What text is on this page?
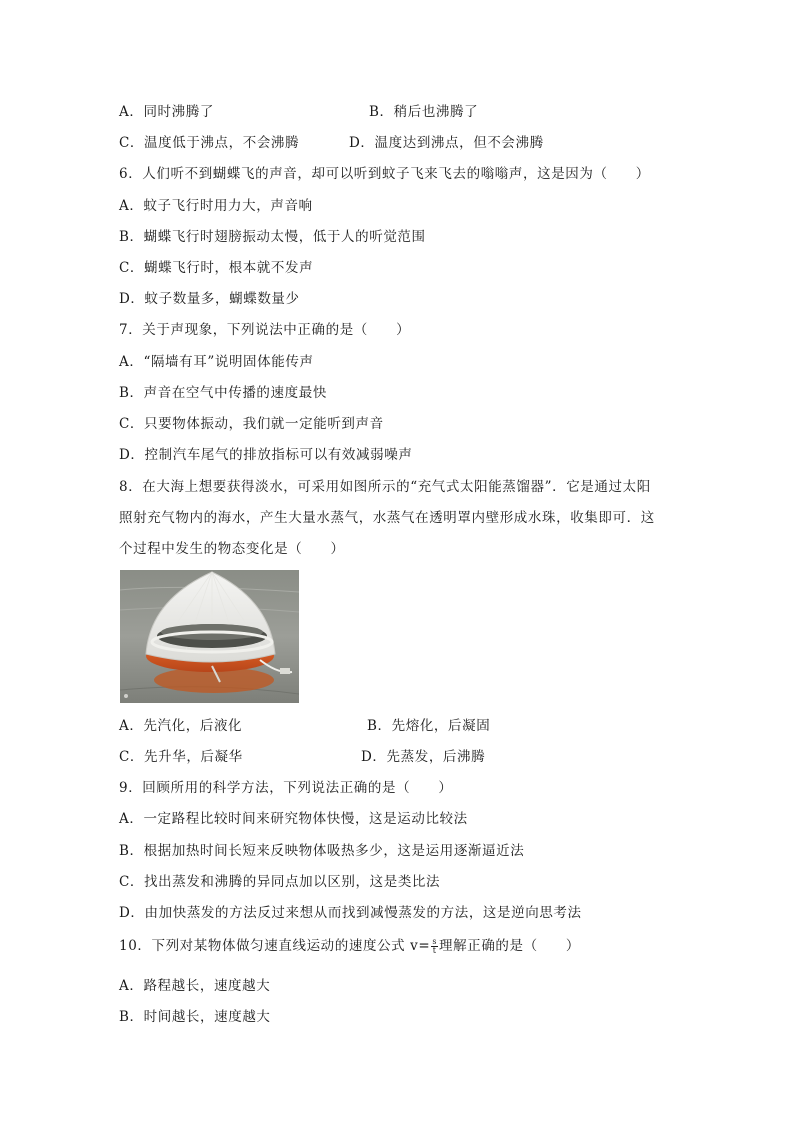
A．同时沸腾了	B．稍后也沸腾了
C．温度低于沸点，不会沸腾	D．温度达到沸点，但不会沸腾
6．人们听不到蝴蝶飞的声音，却可以听到蚊子飞来飞去的嗡嗡声，这是因为（　　）
A．蚊子飞行时用力大，声音响
B．蝴蝶飞行时翅膀振动太慢，低于人的听觉范围
C．蝴蝶飞行时，根本就不发声
D．蚊子数量多，蝴蝶数量少
7．关于声现象，下列说法中正确的是（　　）
A．“隔墙有耳”说明固体能传声
B．声音在空气中传播的速度最快
C．只要物体振动，我们就一定能听到声音
D．控制汽车尾气的排放指标可以有效减弱噪声
8．在大海上想要获得淡水，可采用如图所示的“充气式太阳能蒸馏器”．它是通过太阳
照射充气物内的海水，产生大量水蒸气，水蒸气在透明罩内壁形成水珠，收集即可．这
个过程中发生的物态变化是（　　）
A．先汽化，后液化	B．先熔化，后凝固
C．先升华，后凝华	D．先蒸发，后沸腾
9．回顾所用的科学方法，下列说法正确的是（　　）
A．一定路程比较时间来研究物体快慢，这是运动比较法
B．根据加热时间长短来反映物体吸热多少，这是运用逐渐逼近法
C．找出蒸发和沸腾的异同点加以区别，这是类比法
D．由加快蒸发的方法反过来想从而找到减慢蒸发的方法，这是逆向思考法
10．下列对某物体做匀速直线运动的速度公式 $v= \frac{s}{t}$ 理解正确的是（　　）
A．路程越长，速度越大
B．时间越长，速度越大
